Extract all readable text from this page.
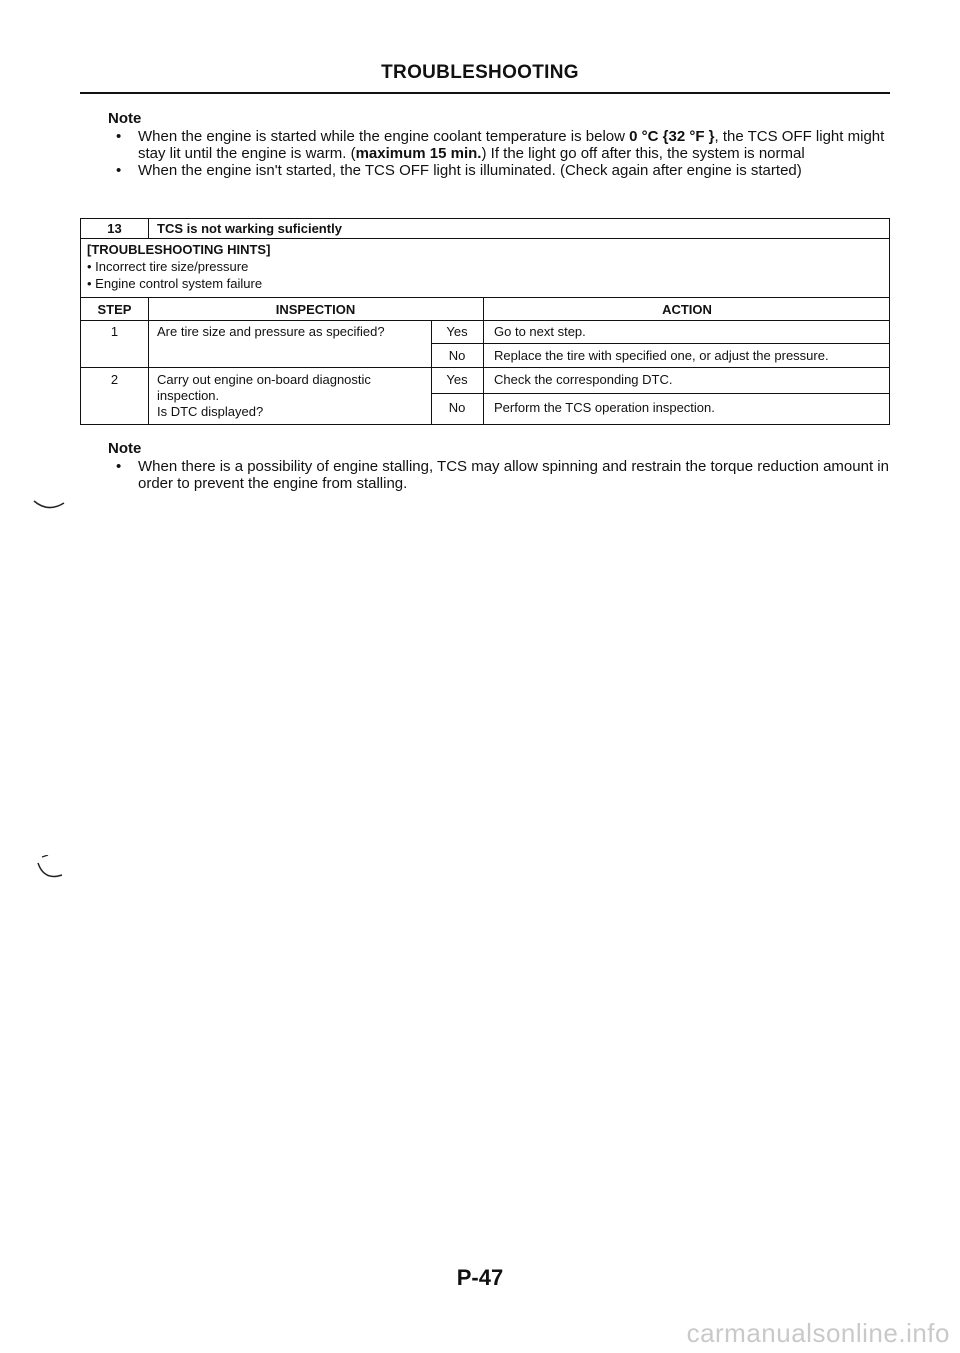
TROUBLESHOOTING
Note
• When the engine is started while the engine coolant temperature is below 0 °C {32 °F }, the TCS OFF light might stay lit until the engine is warm. (maximum 15 min.) If the light go off after this, the system is normal
• When the engine isn't started, the TCS OFF light is illuminated. (Check again after engine is started)
13	TCS is not warking suficiently
[TROUBLESHOOTING HINTS]
• Incorrect tire size/pressure
• Engine control system failure
STEP	INSPECTION	ACTION
1	Are tire size and pressure as specified?	Yes	Go to next step.
No	Replace the tire with specified one, or adjust the pressure.
2	Carry out engine on-board diagnostic
inspection.
Is DTC displayed?
Yes	Check the corresponding DTC.
No	Perform the TCS operation inspection.
Note
• When there is a possibility of engine stalling, TCS may allow spinning and restrain the torque reduction amount in order to prevent the engine from stalling.
P-47
carmanualsonline.info
